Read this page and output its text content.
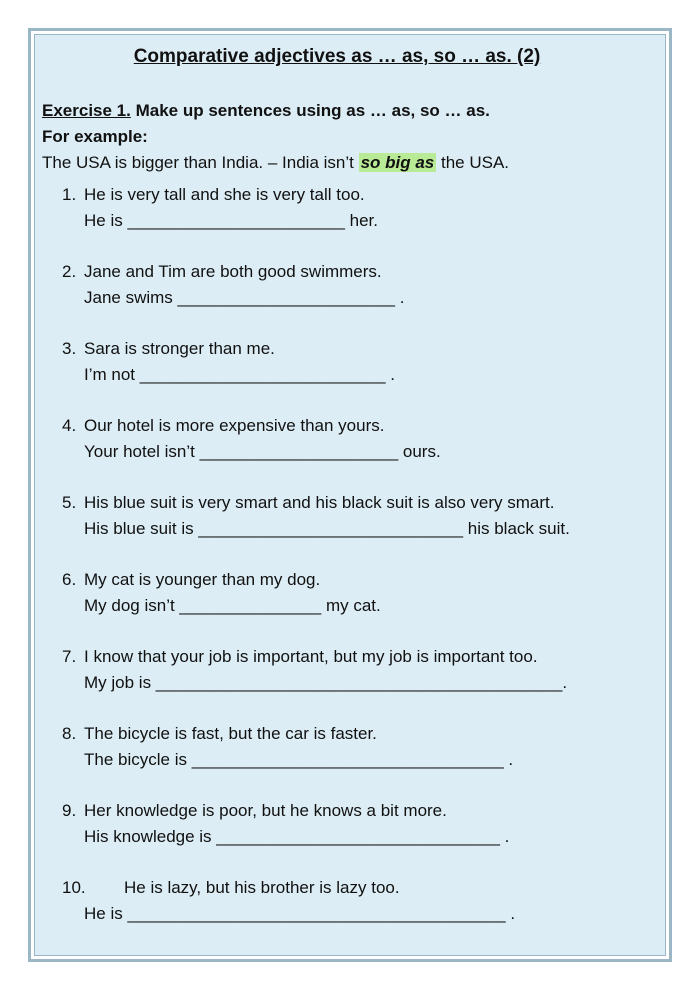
Comparative adjectives as … as, so … as. (2)
Exercise 1. Make up sentences using as … as, so … as.
For example:
The USA is bigger than India. – India isn’t so big as the USA.
1. He is very tall and she is very tall too.
He is _______________________ her.
2. Jane and Tim are both good swimmers.
Jane swims _______________________ .
3. Sara is stronger than me.
I’m not __________________________ .
4. Our hotel is more expensive than yours.
Your hotel isn’t _____________________ ours.
5. His blue suit is very smart and his black suit is also very smart.
His blue suit is ____________________________ his black suit.
6. My cat is younger than my dog.
My dog isn’t _______________ my cat.
7. I know that your job is important, but my job is important too.
My job is ___________________________________________.
8. The bicycle is fast, but the car is faster.
The bicycle is _________________________________ .
9. Her knowledge is poor, but he knows a bit more.
His knowledge is ______________________________ .
10.	He is lazy, but his brother is lazy too.
He is ________________________________________ .
